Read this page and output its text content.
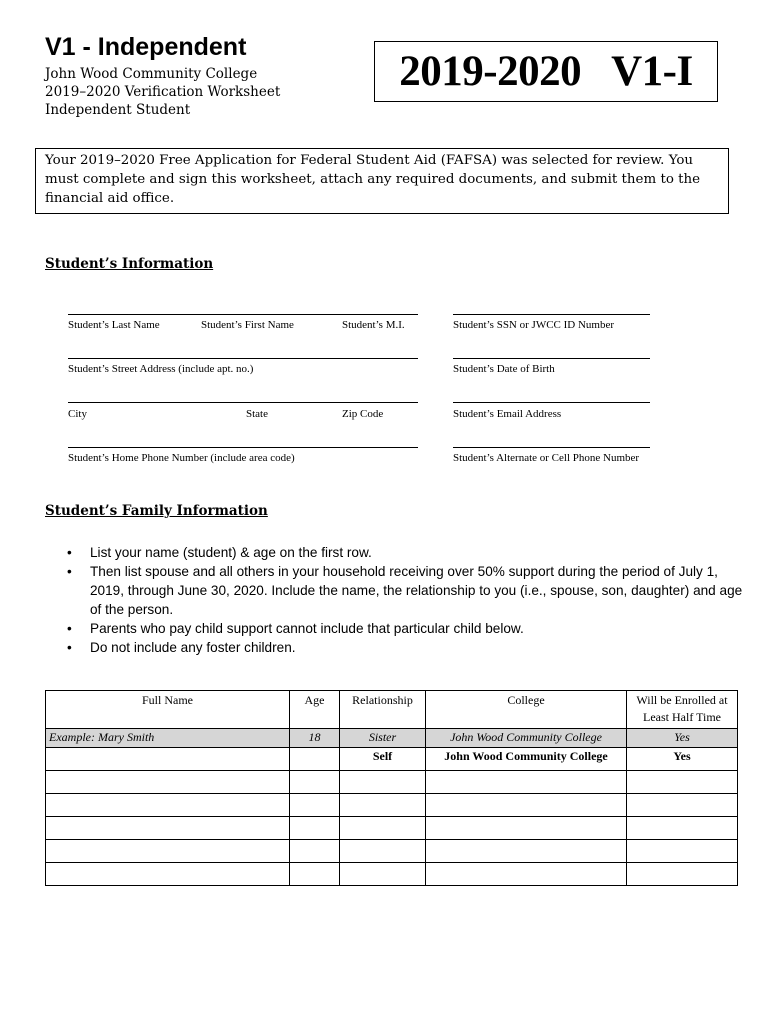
V1 - Independent
John Wood Community College
2019–2020 Verification Worksheet
Independent Student
2019-2020   V1-I
Your 2019–2020 Free Application for Federal Student Aid (FAFSA) was selected for review. You must complete and sign this worksheet, attach any required documents, and submit them to the financial aid office.
Student’s Information
Student’s Last Name	Student’s First Name	Student’s M.I.	Student’s SSN or JWCC ID Number
Student’s Street Address (include apt. no.)	Student’s Date of Birth
City	State	Zip Code	Student’s Email Address
Student’s Home Phone Number (include area code)	Student’s Alternate or Cell Phone Number
Student’s Family Information
• List your name (student) & age on the first row.
• Then list spouse and all others in your household receiving over 50% support during the period of July 1, 2019, through June 30, 2020. Include the name, the relationship to you (i.e., spouse, son, daughter) and age of the person.
• Parents who pay child support cannot include that particular child below.
• Do not include any foster children.
Full Name	Age	Relationship	College	Will be Enrolled at Least Half Time
Example: Mary Smith	18	Sister	John Wood Community College	Yes
		Self	John Wood Community College	Yes
